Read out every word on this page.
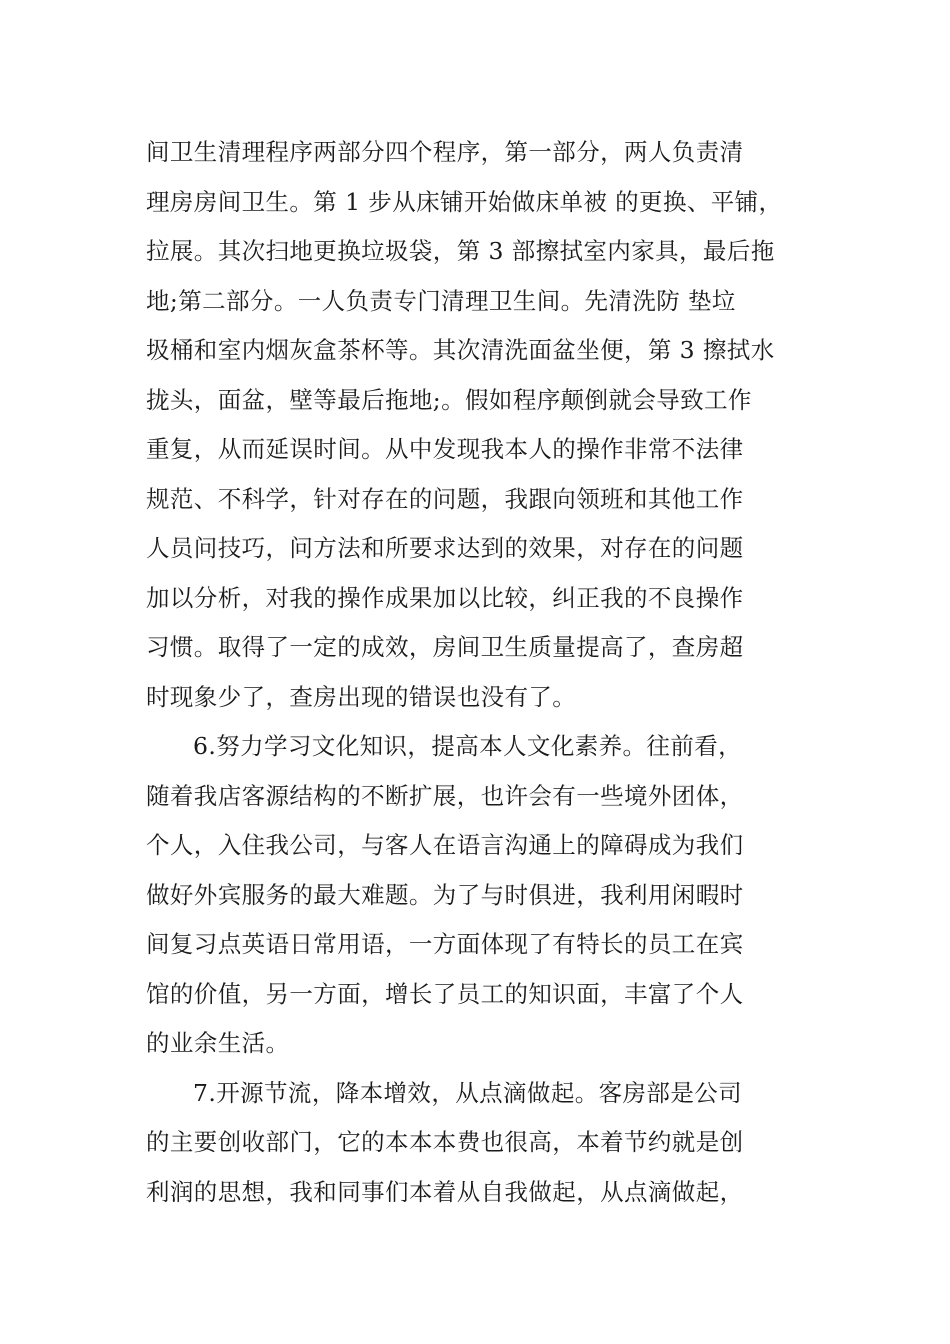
间卫生清理程序两部分四个程序，第一部分，两人负责清
理房房间卫生。第 1 步从床铺开始做床单被 的更换、平铺，
拉展。其次扫地更换垃圾袋，第 3 部擦拭室内家具，最后拖
地;第二部分。一人负责专门清理卫生间。先清洗防 垫垃
圾桶和室内烟灰盒茶杯等。其次清洗面盆坐便，第 3 擦拭水
拢头，面盆，壁等最后拖地;。假如程序颠倒就会导致工作
重复，从而延误时间。从中发现我本人的操作非常不法律
规范、不科学，针对存在的问题，我跟向领班和其他工作
人员问技巧，问方法和所要求达到的效果，对存在的问题
加以分析，对我的操作成果加以比较，纠正我的不良操作
习惯。取得了一定的成效，房间卫生质量提高了，查房超
时现象少了，查房出现的错误也没有了。
6.努力学习文化知识，提高本人文化素养。往前看，
随着我店客源结构的不断扩展，也许会有一些境外团体，
个人，入住我公司，与客人在语言沟通上的障碍成为我们
做好外宾服务的最大难题。为了与时俱进，我利用闲暇时
间复习点英语日常用语，一方面体现了有特长的员工在宾
馆的价值，另一方面，增长了员工的知识面，丰富了个人
的业余生活。
7.开源节流，降本增效，从点滴做起。客房部是公司
的主要创收部门，它的本本本费也很高，本着节约就是创
利润的思想，我和同事们本着从自我做起，从点滴做起，
